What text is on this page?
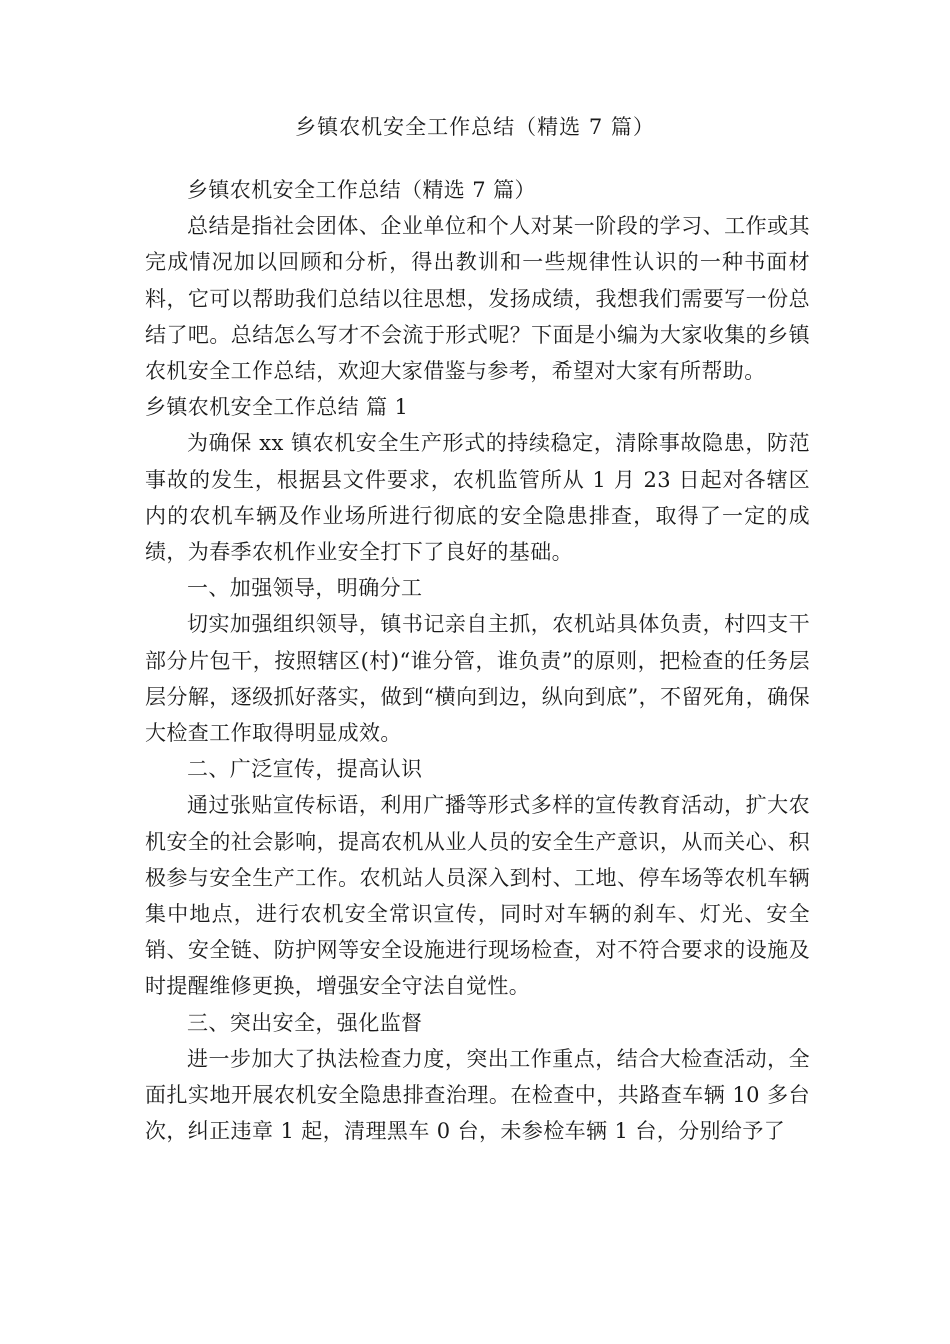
乡镇农机安全工作总结（精选 7 篇）

乡镇农机安全工作总结（精选 7 篇）

总结是指社会团体、企业单位和个人对某一阶段的学习、工作或其完成情况加以回顾和分析，得出教训和一些规律性认识的一种书面材料，它可以帮助我们总结以往思想，发扬成绩，我想我们需要写一份总结了吧。总结怎么写才不会流于形式呢？下面是小编为大家收集的乡镇农机安全工作总结，欢迎大家借鉴与参考，希望对大家有所帮助。

乡镇农机安全工作总结 篇 1

为确保 xx 镇农机安全生产形式的持续稳定，清除事故隐患，防范事故的发生，根据县文件要求，农机监管所从 1 月 23 日起对各辖区内的农机车辆及作业场所进行彻底的安全隐患排查，取得了一定的成绩，为春季农机作业安全打下了良好的基础。

一、加强领导，明确分工

切实加强组织领导，镇书记亲自主抓，农机站具体负责，村四支干部分片包干，按照辖区(村)“谁分管，谁负责”的原则，把检查的任务层层分解，逐级抓好落实，做到“横向到边，纵向到底”，不留死角，确保大检查工作取得明显成效。

二、广泛宣传，提高认识

通过张贴宣传标语，利用广播等形式多样的宣传教育活动，扩大农机安全的社会影响，提高农机从业人员的安全生产意识，从而关心、积极参与安全生产工作。农机站人员深入到村、工地、停车场等农机车辆集中地点，进行农机安全常识宣传，同时对车辆的刹车、灯光、安全销、安全链、防护网等安全设施进行现场检查，对不符合要求的设施及时提醒维修更换，增强安全守法自觉性。

三、突出安全，强化监督

进一步加大了执法检查力度，突出工作重点，结合大检查活动，全面扎实地开展农机安全隐患排查治理。在检查中，共路查车辆 10 多台次，纠正违章 1 起，清理黑车 0 台，未参检车辆 1 台，分别给予了
